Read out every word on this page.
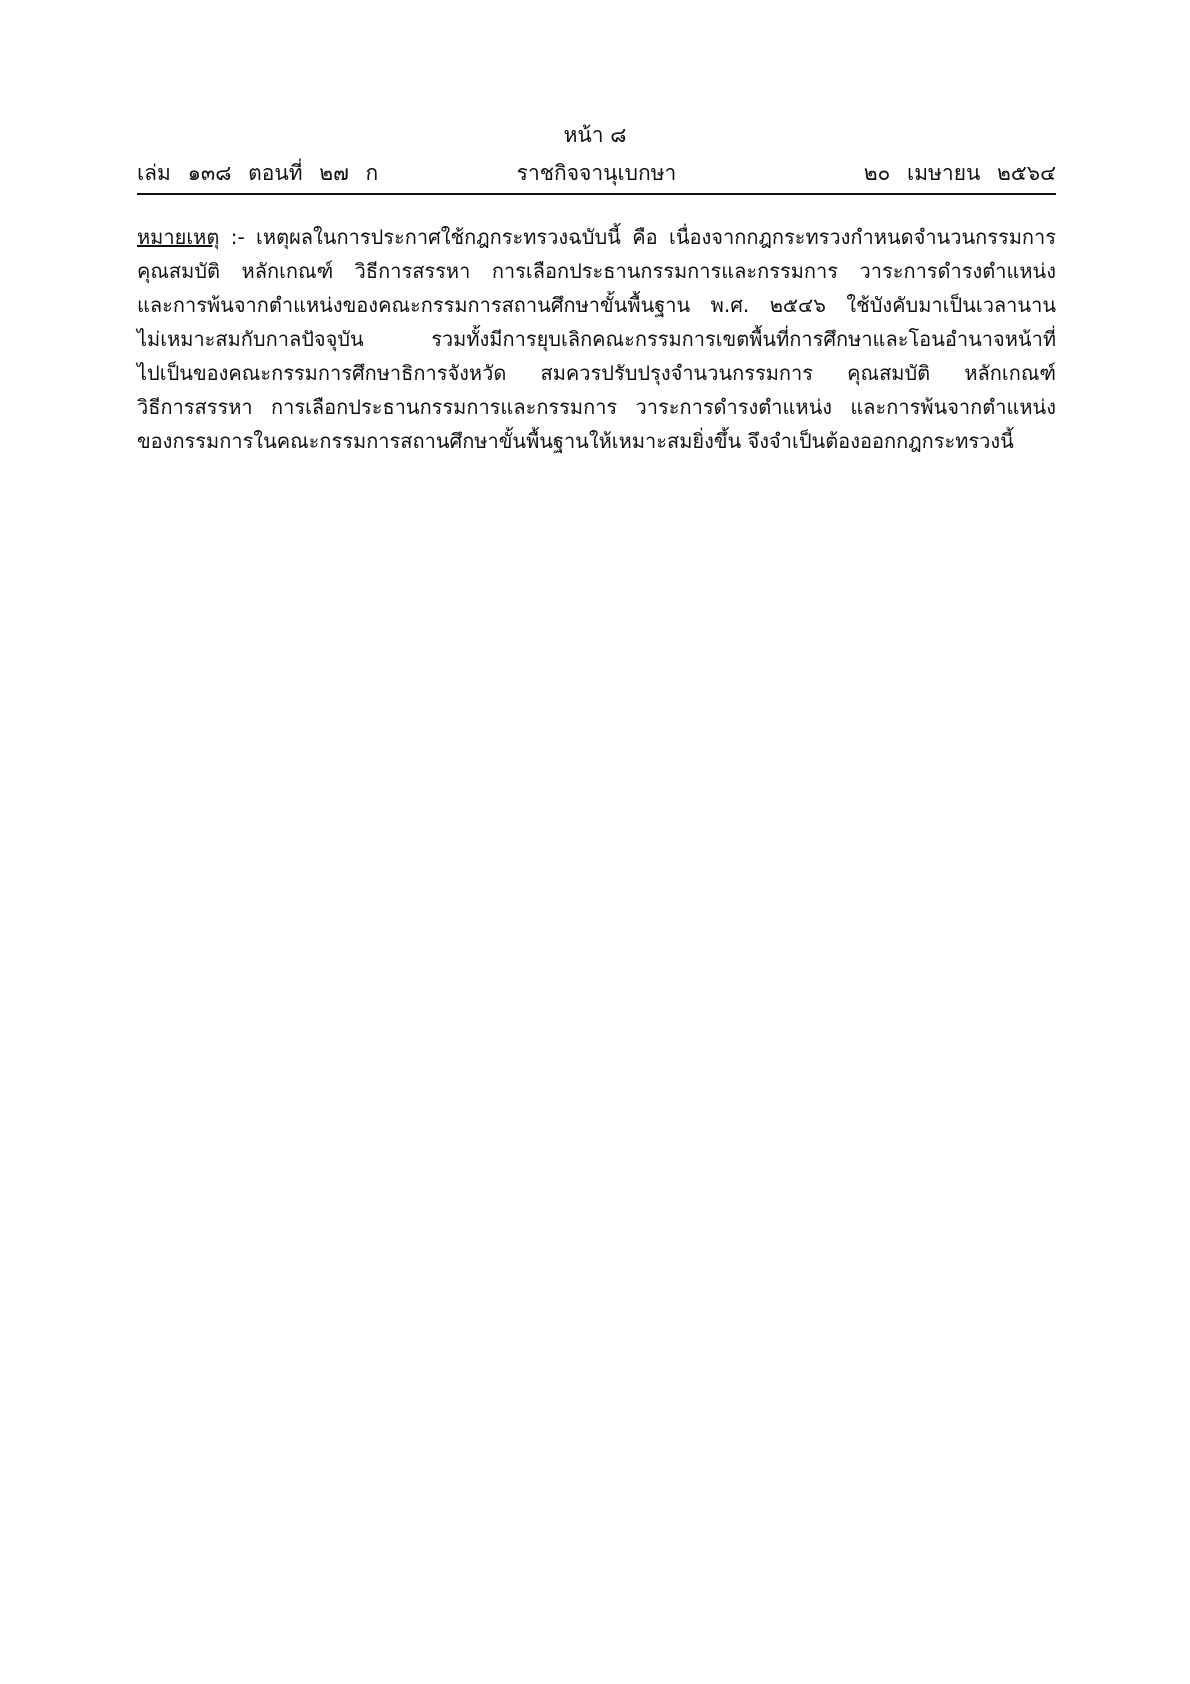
หน้า ๘
เล่ม ๑๓๘ ตอนที่ ๒๗ ก	ราชกิจจานุเบกษา	๒๐ เมษายน ๒๕๖๔
หมายเหตุ :- เหตุผลในการประกาศใช้กฎกระทรวงฉบับนี้ คือ เนื่องจากกฎกระทรวงกำหนดจำนวนกรรมการ
คุณสมบัติ หลักเกณฑ์ วิธีการสรรหา การเลือกประธานกรรมการและกรรมการ วาระการดำรงตำแหน่ง
และการพ้นจากตำแหน่งของคณะกรรมการสถานศึกษาขั้นพื้นฐาน พ.ศ. ๒๕๔๖ ใช้บังคับมาเป็นเวลานาน
ไม่เหมาะสมกับกาลปัจจุบัน รวมทั้งมีการยุบเลิกคณะกรรมการเขตพื้นที่การศึกษาและโอนอำนาจหน้าที่
ไปเป็นของคณะกรรมการศึกษาธิการจังหวัด สมควรปรับปรุงจำนวนกรรมการ คุณสมบัติ หลักเกณฑ์
วิธีการสรรหา การเลือกประธานกรรมการและกรรมการ วาระการดำรงตำแหน่ง และการพ้นจากตำแหน่ง
ของกรรมการในคณะกรรมการสถานศึกษาขั้นพื้นฐานให้เหมาะสมยิ่งขึ้น จึงจำเป็นต้องออกกฎกระทรวงนี้
